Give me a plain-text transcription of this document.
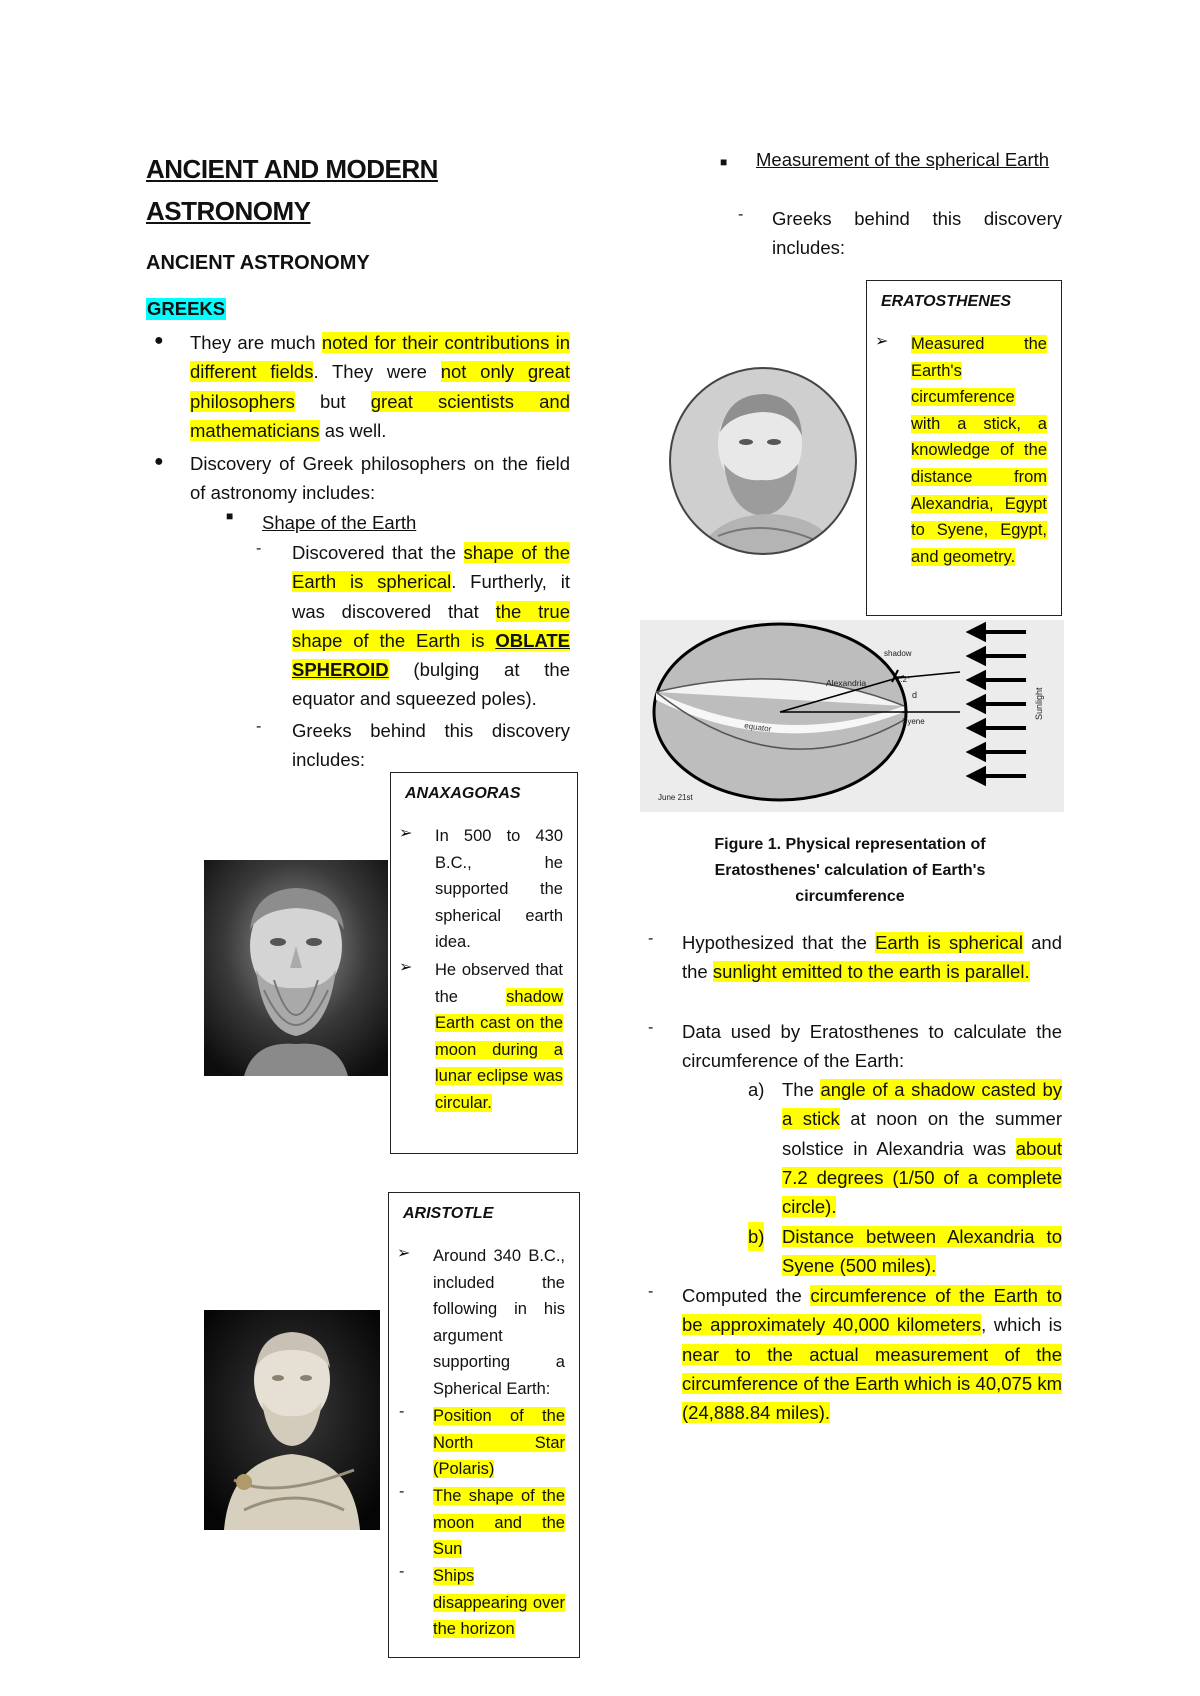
ANCIENT AND MODERN
ASTRONOMY
ANCIENT ASTRONOMY
GREEKS
● They are much noted for their contributions in different fields. They were not only great philosophers but great scientists and mathematicians as well.
● Discovery of Greek philosophers on the field of astronomy includes:
■ Shape of the Earth
- Discovered that the shape of the Earth is spherical. Furtherly, it was discovered that the true shape of the Earth is OBLATE SPHEROID (bulging at the equator and squeezed poles).
- Greeks behind this discovery includes:
ANAXAGORAS
➢ In 500 to 430 B.C., he supported the spherical earth idea.
➢ He observed that the shadow Earth cast on the moon during a lunar eclipse was circular.
ARISTOTLE
➢ Around 340 B.C., included the following in his argument supporting a Spherical Earth:
- Position of the North Star (Polaris)
- The shape of the moon and the Sun
- Ships disappearing over the horizon
■ Measurement of the spherical Earth
- Greeks behind this discovery includes:
ERATOSTHENES
➢ Measured the Earth's circumference with a stick, a knowledge of the distance from Alexandria, Egypt to Syene, Egypt, and geometry.
shadow
Alexandria	7.2°
d
Syene
equator
June 21st
Sunlight
Figure 1. Physical representation of Eratosthenes' calculation of Earth's circumference
- Hypothesized that the Earth is spherical and the sunlight emitted to the earth is parallel.
- Data used by Eratosthenes to calculate the circumference of the Earth:
a) The angle of a shadow casted by a stick at noon on the summer solstice in Alexandria was about 7.2 degrees (1/50 of a complete circle).
b) Distance between Alexandria to Syene (500 miles).
- Computed the circumference of the Earth to be approximately 40,000 kilometers, which is near to the actual measurement of the circumference of the Earth which is 40,075 km (24,888.84 miles).
